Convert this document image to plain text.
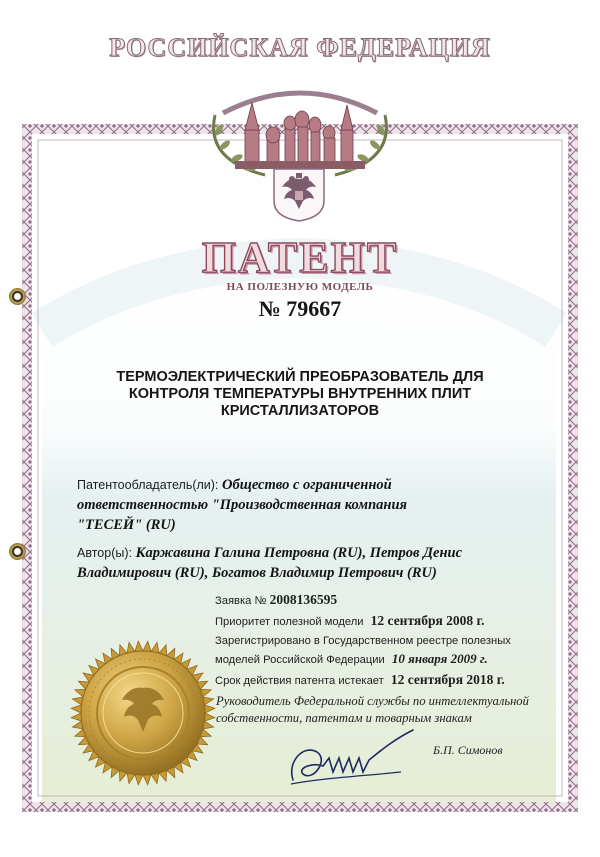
РОССИЙСКАЯ ФЕДЕРАЦИЯ
ПАТЕНТ
НА ПОЛЕЗНУЮ МОДЕЛЬ
№ 79667
ТЕРМОЭЛЕКТРИЧЕСКИЙ ПРЕОБРАЗОВАТЕЛЬ ДЛЯ
КОНТРОЛЯ ТЕМПЕРАТУРЫ ВНУТРЕННИХ ПЛИТ
КРИСТАЛЛИЗАТОРОВ
Патентообладатель(ли): Общество с ограниченной
ответственностью "Производственная компания
"ТЕСЕЙ" (RU)
Автор(ы): Каржавина Галина Петровна (RU), Петров Денис
Владимирович (RU), Богатов Владимир Петрович (RU)
Заявка № 2008136595
Приоритет полезной модели 12 сентября 2008 г.
Зарегистрировано в Государственном реестре полезных
моделей Российской Федерации 10 января 2009 г.
Срок действия патента истекает 12 сентября 2018 г.
Руководитель Федеральной службы по интеллектуальной
собственности, патентам и товарным знакам
Б.П. Симонов
